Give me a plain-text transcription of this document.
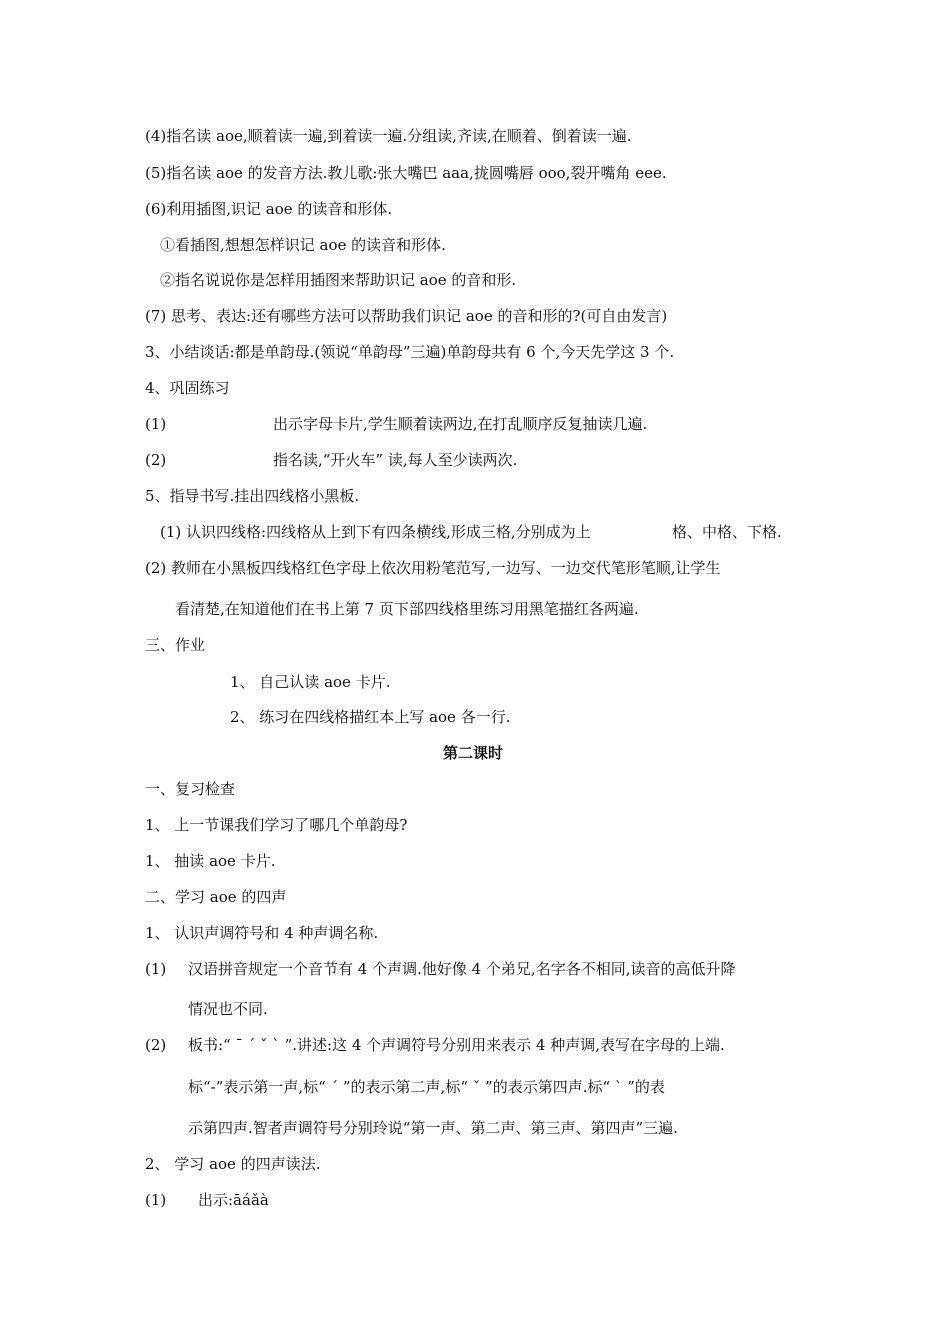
(4)指名读 aoe,顺着读一遍,到着读一遍.分组读,齐读,在顺着、倒着读一遍.
(5)指名读 aoe 的发音方法.教儿歌:张大嘴巴 aaa,拢圆嘴唇 ooo,裂开嘴角 eee.
(6)利用插图,识记 aoe 的读音和形体.
①看插图,想想怎样识记 aoe 的读音和形体.
②指名说说你是怎样用插图来帮助识记 aoe 的音和形.
(7) 思考、表达:还有哪些方法可以帮助我们识记 aoe 的音和形的?(可自由发言)
3、小结谈话:都是单韵母.(领说“单韵母”三遍)单韵母共有 6 个,今天先学这 3 个.
4、巩固练习
(1)	出示字母卡片,学生顺着读两边,在打乱顺序反复抽读几遍.
(2)	指名读,“开火车” 读,每人至少读两次.
5、指导书写.挂出四线格小黑板.
(1) 认识四线格:四线格从上到下有四条横线,形成三格,分别成为上	格、中格、下格.
(2) 教师在小黑板四线格红色字母上依次用粉笔范写,一边写、一边交代笔形笔顺,让学生
看清楚,在知道他们在书上第 7 页下部四线格里练习用黑笔描红各两遍.
三、作业
1、 自己认读 aoe 卡片.
2、 练习在四线格描红本上写 aoe 各一行.
第二课时
一、复习检查
1、 上一节课我们学习了哪几个单韵母?
1、 抽读 aoe 卡片.
二、学习 aoe 的四声
1、 认识声调符号和 4 种声调名称.
(1) 汉语拼音规定一个音节有 4 个声调.他好像 4 个弟兄,名字各不相同,读音的高低升降
情况也不同.
(2) 板书:“ ˉ ˊ ˇ ˋ ”.讲述:这 4 个声调符号分别用来表示 4 种声调,表写在字母的上端.
标“-”表示第一声,标“ ˊ ”的表示第二声,标“ ˇ ”的表示第四声.标“ ˋ ”的表
示第四声.智者声调符号分别玲说“第一声、第二声、第三声、第四声”三遍.
2、 学习 aoe 的四声读法.
(1) 出示:āáǎà
